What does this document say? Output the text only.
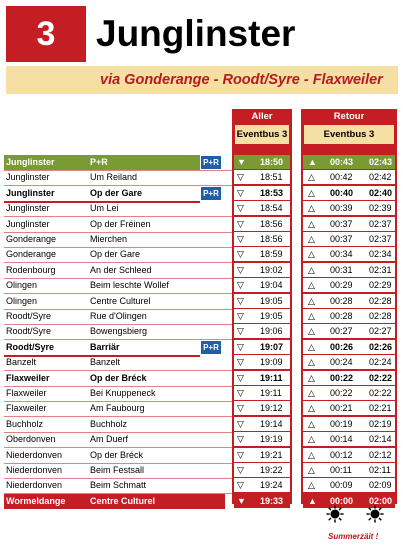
3	Junglinster
via Gonderange - Roodt/Syre - Flaxweiler
Aller
Eventbus 3
Retour
Eventbus 3
Junglinster	P+R	P+R ▼ 18:50	▲ 00:43 02:43
Junglinster	Um Reiland	▽ 18:51	△ 00:42 02:42
Junglinster	Op der Gare	P+R ▽ 18:53	△ 00:40 02:40
Junglinster	Um Lei	▽ 18:54	△ 00:39 02:39
Junglinster	Op der Fréinen	▽ 18:56	△ 00:37 02:37
Gonderange	Mierchen	▽ 18:56	△ 00:37 02:37
Gonderange	Op der Gare	▽ 18:59	△ 00:34 02:34
Rodenbourg	An der Schleed	▽ 19:02	△ 00:31 02:31
Olingen	Beim leschte Wollef	▽ 19:04	△ 00:29 02:29
Olingen	Centre Culturel	▽ 19:05	△ 00:28 02:28
Roodt/Syre	Rue d'Olingen	▽ 19:05	△ 00:28 02:28
Roodt/Syre	Bowengsbierg	▽ 19:06	△ 00:27 02:27
Roodt/Syre	Barriär	P+R ▽ 19:07	△ 00:26 02:26
Banzelt	Banzelt	▽ 19:09	△ 00:24 02:24
Flaxweiler	Op der Bréck	▽ 19:11	△ 00:22 02:22
Flaxweiler	Bei Knuppeneck	▽ 19:11	△ 00:22 02:22
Flaxweiler	Am Faubourg	▽ 19:12	△ 00:21 02:21
Buchholz	Buchholz	▽ 19:14	△ 00:19 02:19
Oberdonven	Am Duerf	▽ 19:19	△ 00:14 02:14
Niederdonven	Op der Bréck	▽ 19:21	△ 00:12 02:12
Niederdonven	Beim Festsall	▽ 19:22	△ 00:11 02:11
Niederdonven	Beim Schmatt	▽ 19:24	△ 00:09 02:09
Wormeldange	Centre Culturel	▼ 19:33	▲ 00:00 02:00
Summerzäit !
